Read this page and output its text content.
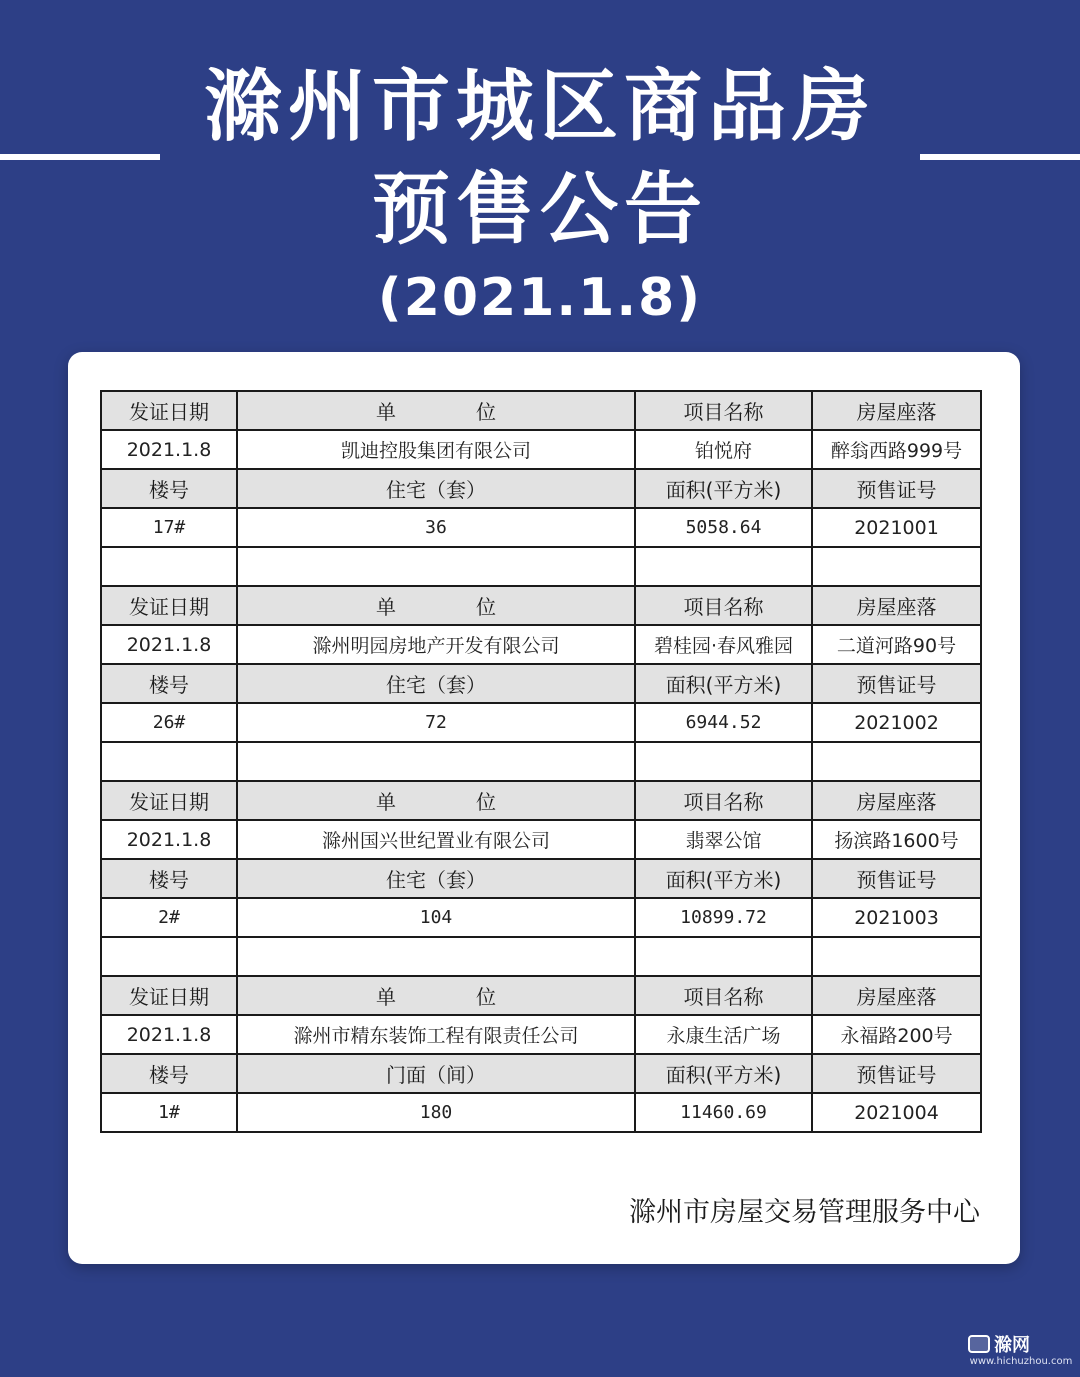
滁州市城区商品房
预售公告
(2021.1.8)
发证日期	单　　　　位	项目名称	房屋座落
2021.1.8	凯迪控股集团有限公司	铂悦府	醉翁西路999号
楼号	住宅（套）	面积(平方米)	预售证号
17#	36	5058.64	2021001

发证日期	单　　　　位	项目名称	房屋座落
2021.1.8	滁州明园房地产开发有限公司	碧桂园·春风雅园	二道河路90号
楼号	住宅（套）	面积(平方米)	预售证号
26#	72	6944.52	2021002

发证日期	单　　　　位	项目名称	房屋座落
2021.1.8	滁州国兴世纪置业有限公司	翡翠公馆	扬滨路1600号
楼号	住宅（套）	面积(平方米)	预售证号
2#	104	10899.72	2021003

发证日期	单　　　　位	项目名称	房屋座落
2021.1.8	滁州市精东装饰工程有限责任公司	永康生活广场	永福路200号
楼号	门面（间）	面积(平方米)	预售证号
1#	180	11460.69	2021004
滁州市房屋交易管理服务中心
滁网
www.hichuzhou.com
